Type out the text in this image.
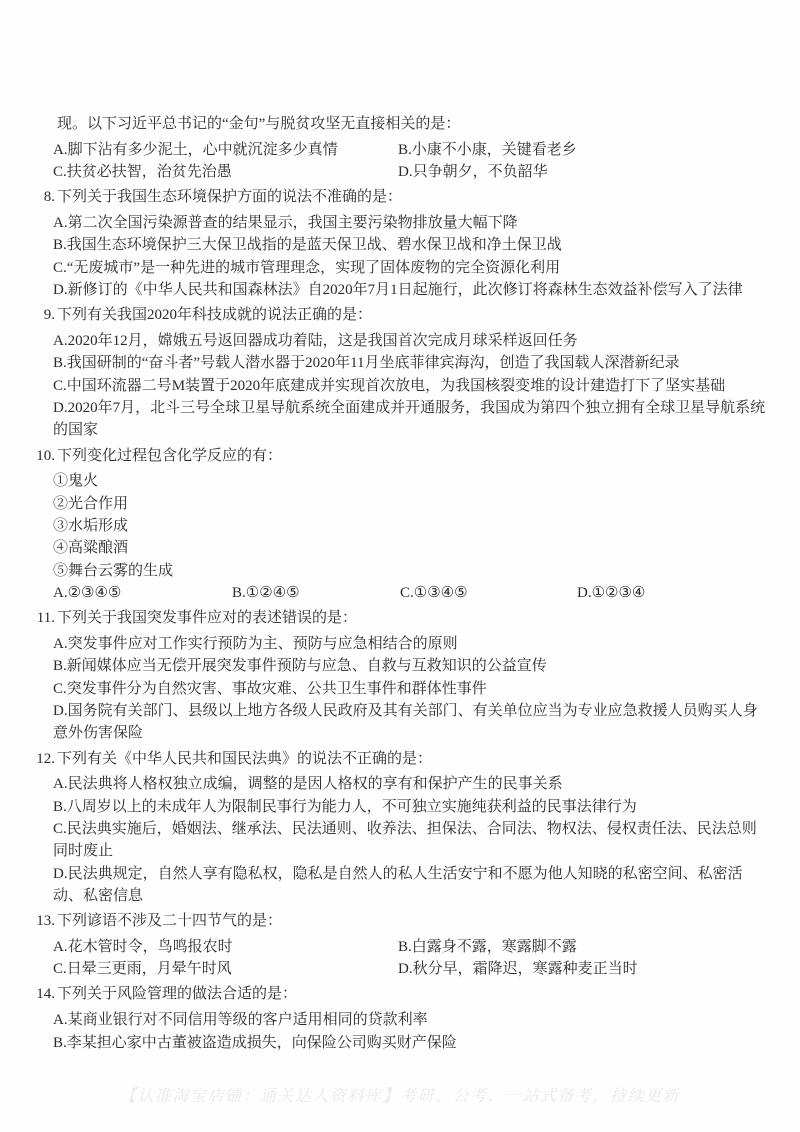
现。以下习近平总书记的“金句”与脱贫攻坚无直接相关的是：
A.脚下沾有多少泥土，心中就沉淀多少真情	B.小康不小康，关键看老乡
C.扶贫必扶智，治贫先治愚	D.只争朝夕，不负韶华
8. 下列关于我国生态环境保护方面的说法不准确的是：
A.第二次全国污染源普查的结果显示，我国主要污染物排放量大幅下降
B.我国生态环境保护三大保卫战指的是蓝天保卫战、碧水保卫战和净土保卫战
C.“无废城市”是一种先进的城市管理理念，实现了固体废物的完全资源化利用
D.新修订的《中华人民共和国森林法》自2020年7月1日起施行，此次修订将森林生态效益补偿写入了法律
9. 下列有关我国2020年科技成就的说法正确的是：
A.2020年12月，嫦娥五号返回器成功着陆，这是我国首次完成月球采样返回任务
B.我国研制的“奋斗者”号载人潜水器于2020年11月坐底菲律宾海沟，创造了我国载人深潜新纪录
C.中国环流器二号M装置于2020年底建成并实现首次放电，为我国核裂变堆的设计建造打下了坚实基础
D.2020年7月，北斗三号全球卫星导航系统全面建成并开通服务，我国成为第四个独立拥有全球卫星导航系统的国家
10. 下列变化过程包含化学反应的有：
①鬼火
②光合作用
③水垢形成
④高粱酿酒
⑤舞台云雾的生成
A.②③④⑤	B.①②④⑤	C.①③④⑤	D.①②③④
11. 下列关于我国突发事件应对的表述错误的是：
A.突发事件应对工作实行预防为主、预防与应急相结合的原则
B.新闻媒体应当无偿开展突发事件预防与应急、自救与互救知识的公益宣传
C.突发事件分为自然灾害、事故灾难、公共卫生事件和群体性事件
D.国务院有关部门、县级以上地方各级人民政府及其有关部门、有关单位应当为专业应急救援人员购买人身意外伤害保险
12. 下列有关《中华人民共和国民法典》的说法不正确的是：
A.民法典将人格权独立成编，调整的是因人格权的享有和保护产生的民事关系
B.八周岁以上的未成年人为限制民事行为能力人，不可独立实施纯获利益的民事法律行为
C.民法典实施后，婚姻法、继承法、民法通则、收养法、担保法、合同法、物权法、侵权责任法、民法总则同时废止
D.民法典规定，自然人享有隐私权，隐私是自然人的私人生活安宁和不愿为他人知晓的私密空间、私密活动、私密信息
13. 下列谚语不涉及二十四节气的是：
A.花木管时令，鸟鸣报农时	B.白露身不露，寒露脚不露
C.日晕三更雨，月晕午时风	D.秋分早，霜降迟，寒露种麦正当时
14. 下列关于风险管理的做法合适的是：
A.某商业银行对不同信用等级的客户适用相同的贷款利率
B.李某担心家中古董被盗造成损失，向保险公司购买财产保险
【认准淘宝店铺：通关达人资料库】考研、公考，一站式备考，持续更新
